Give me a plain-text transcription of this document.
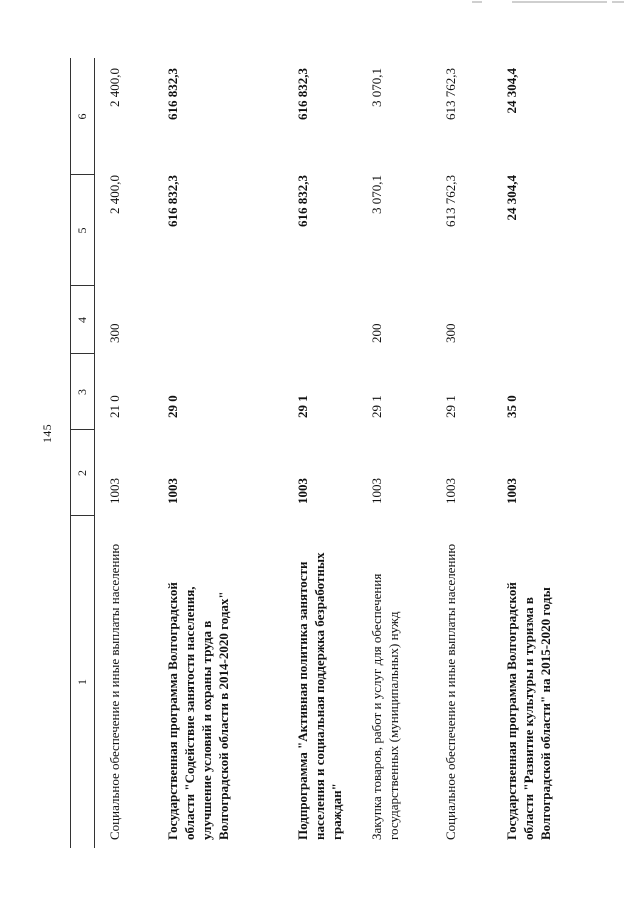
145
1
2
3
4
5
6
Социальное обеспечение и иные выплаты населению
1003
21 0
300
2 400,0
2 400,0
Государственная программа Волгоградской области "Содействие занятости населения, улучшение условий и охраны труда в Волгоградской области в 2014-2020 годах"
1003
29 0
616 832,3
616 832,3
Подпрограмма "Активная политика занятости населения и социальная поддержка безработных граждан"
1003
29 1
616 832,3
616 832,3
Закупка товаров, работ и услуг для обеспечения государственных (муниципальных) нужд
1003
29 1
200
3 070,1
3 070,1
Социальное обеспечение и иные выплаты населению
1003
29 1
300
613 762,3
613 762,3
Государственная программа Волгоградской области "Развитие культуры и туризма в Волгоградской области" на 2015-2020 годы
1003
35 0
24 304,4
24 304,4
